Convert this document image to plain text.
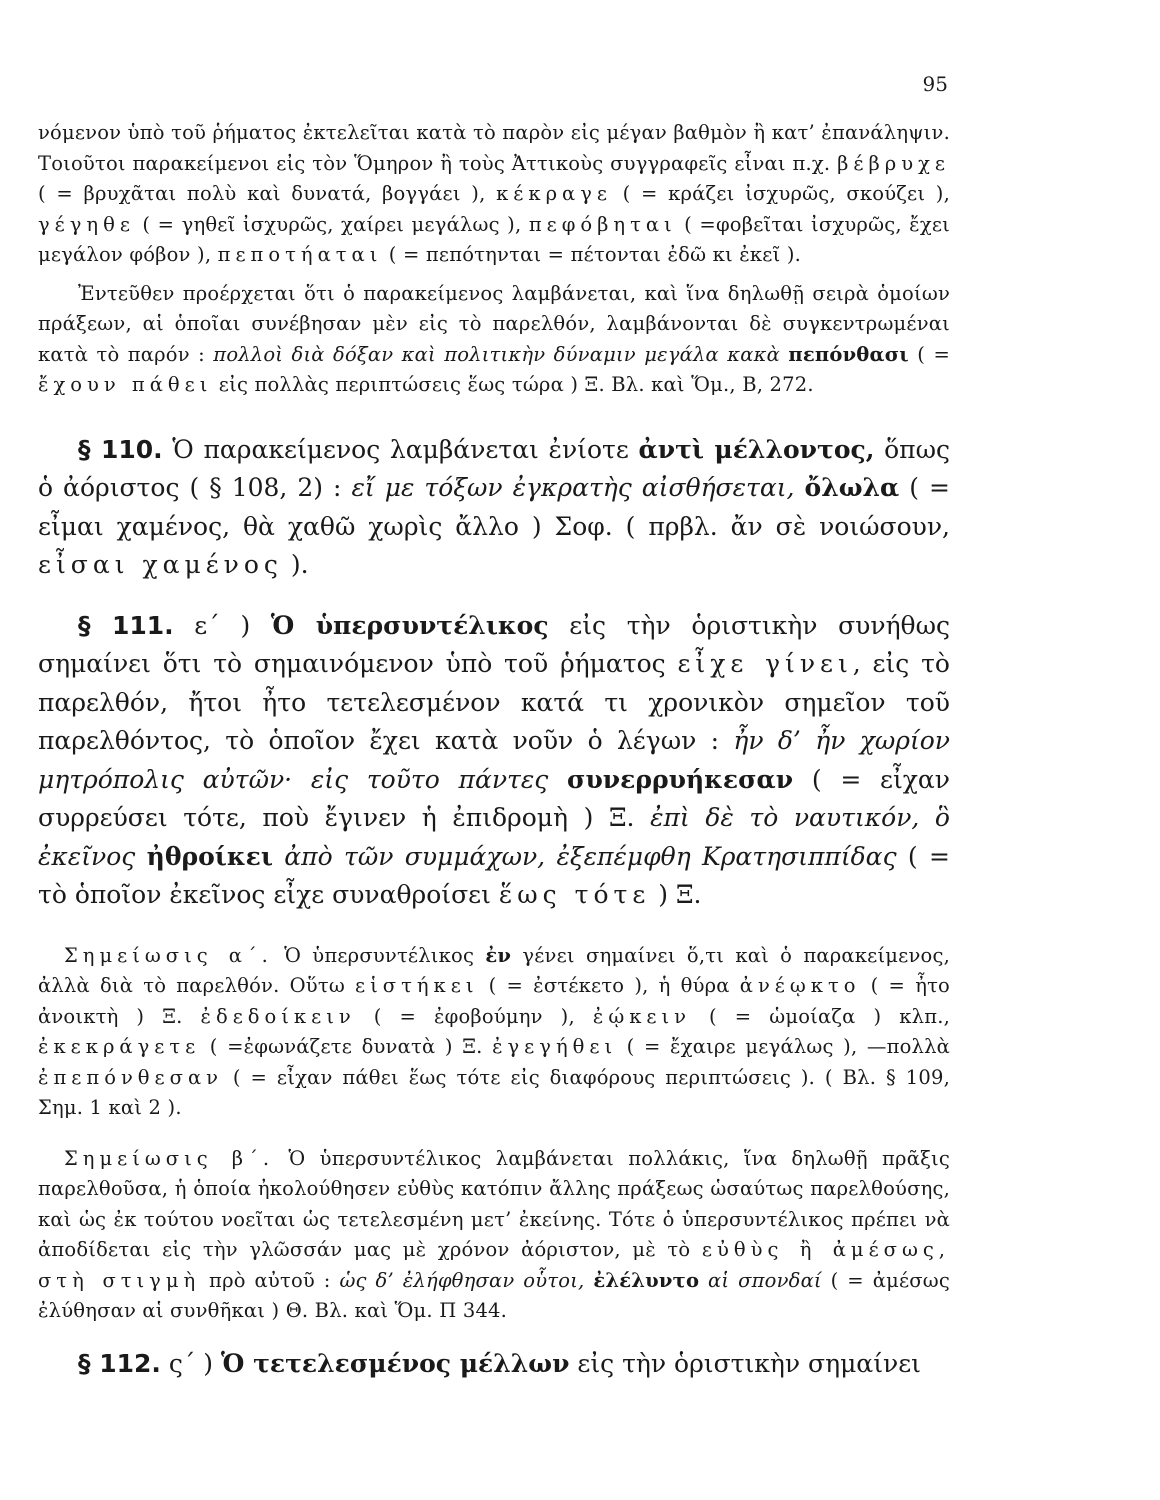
95

νόμενον ὑπὸ τοῦ ῥήματος ἐκτελεῖται κατὰ τὸ παρὸν εἰς μέγαν βαθμὸν ἢ κατ’ ἐπανάληψιν. Τοιοῦτοι παρακείμενοι εἰς τὸν Ὅμηρον ἢ τοὺς Ἀττικοὺς συγγραφεῖς εἶναι π.χ. βέβρυχε ( = βρυχᾶται πολὺ καὶ δυνατά, βογγάει ), κέκραγε ( = κράζει ἰσχυρῶς, σκούζει ), γέγηθε ( = γηθεῖ ἰσχυρῶς, χαίρει μεγάλως ), πεφόβηται ( =φοβεῖται ἰσχυρῶς, ἔχει μεγάλον φόβον ), πεποτήαται ( = πεπότηνται = πέτονται ἐδῶ κι ἐκεῖ ).

Ἐντεῦθεν προέρχεται ὅτι ὁ παρακείμενος λαμβάνεται, καὶ ἵνα δηλωθῇ σειρὰ ὁμοίων πράξεων, αἱ ὁποῖαι συνέβησαν μὲν εἰς τὸ παρελθόν, λαμβάνονται δὲ συγκεντρωμέναι κατὰ τὸ παρόν : πολλοὶ διὰ δόξαν καὶ πολιτικὴν δύναμιν μεγάλα κακὰ πεπόνθασι ( = ἔχουν πάθει εἰς πολλὰς περιπτώσεις ἕως τώρα ) Ξ. Βλ. καὶ Ὅμ., Β, 272.

§ 110. Ὁ παρακείμενος λαμβάνεται ἐνίοτε ἀντὶ μέλλοντος, ὅπως ὁ ἀόριστος ( § 108, 2) : εἴ με τόξων ἐγκρατὴς αἰσθήσεται, ὄλωλα ( = εἶμαι χαμένος, θὰ χαθῶ χωρὶς ἄλλο ) Σοφ. ( πρβλ. ἄν σὲ νοιώσουν, εἶσαι χαμένος ).

§ 111. ε΄ ) Ὁ ὑπερσυντέλικος εἰς τὴν ὁριστικὴν συνήθως σημαίνει ὅτι τὸ σημαινόμενον ὑπὸ τοῦ ῥήματος εἶχε γίνει, εἰς τὸ παρελθόν, ἤτοι ἦτο τετελεσμένον κατά τι χρονικὸν σημεῖον τοῦ παρελθόντος, τὸ ὁποῖον ἔχει κατὰ νοῦν ὁ λέγων : ἦν δ’ ἦν χωρίον μητρόπολις αὐτῶν· εἰς τοῦτο πάντες συνερρυήκεσαν ( = εἶχαν συρρεύσει τότε, ποὺ ἔγινεν ἡ ἐπιδρομὴ ) Ξ. ἐπὶ δὲ τὸ ναυτικόν, ὃ ἐκεῖνος ἠθροίκει ἀπὸ τῶν συμμάχων, ἐξεπέμφθη Κρατησιππίδας ( = τὸ ὁποῖον ἐκεῖνος εἶχε συναθροίσει ἕως τότε ) Ξ.

Σημείωσις α΄. Ὁ ὑπερσυντέλικος ἐν γένει σημαίνει ὅ,τι καὶ ὁ παρακείμενος, ἀλλὰ διὰ τὸ παρελθόν. Οὕτω εἱστήκει ( = ἐστέκετο ), ἡ θύρα ἀνέῳκτο ( = ἦτο ἀνοικτὴ ) Ξ. ἐδεδοίκειν ( = ἐφοβούμην ), ἐῴκειν ( = ὡμοίαζα ) κλπ., ἐκεκράγετε ( =ἐφωνάζετε δυνατὰ ) Ξ. ἐγεγήθει ( = ἔχαιρε μεγάλως ), —πολλὰ ἐπεπόνθεσαν ( = εἶχαν πάθει ἕως τότε εἰς διαφόρους περιπτώσεις ). ( Βλ. § 109, Σημ. 1 καὶ 2 ).

Σημείωσις β΄. Ὁ ὑπερσυντέλικος λαμβάνεται πολλάκις, ἵνα δηλωθῇ πρᾶξις παρελθοῦσα, ἡ ὁποία ἠκολούθησεν εὐθὺς κατόπιν ἄλλης πράξεως ὡσαύτως παρελθούσης, καὶ ὡς ἐκ τούτου νοεῖται ὡς τετελεσμένη μετ’ ἐκείνης. Τότε ὁ ὑπερσυντέλικος πρέπει νὰ ἀποδίδεται εἰς τὴν γλῶσσάν μας μὲ χρόνον ἀόριστον, μὲ τὸ εὐθὺς ἢ ἀμέσως, στὴ στιγμὴ πρὸ αὐτοῦ : ὡς δ’ ἐλήφθησαν οὗτοι, ἐλέλυντο αἱ σπονδαί ( = ἀμέσως ἐλύθησαν αἱ συνθῆκαι ) Θ. Βλ. καὶ Ὅμ. Π 344.

§ 112. ς΄ ) Ὁ τετελεσμένος μέλλων εἰς τὴν ὁριστικὴν σημαίνει
